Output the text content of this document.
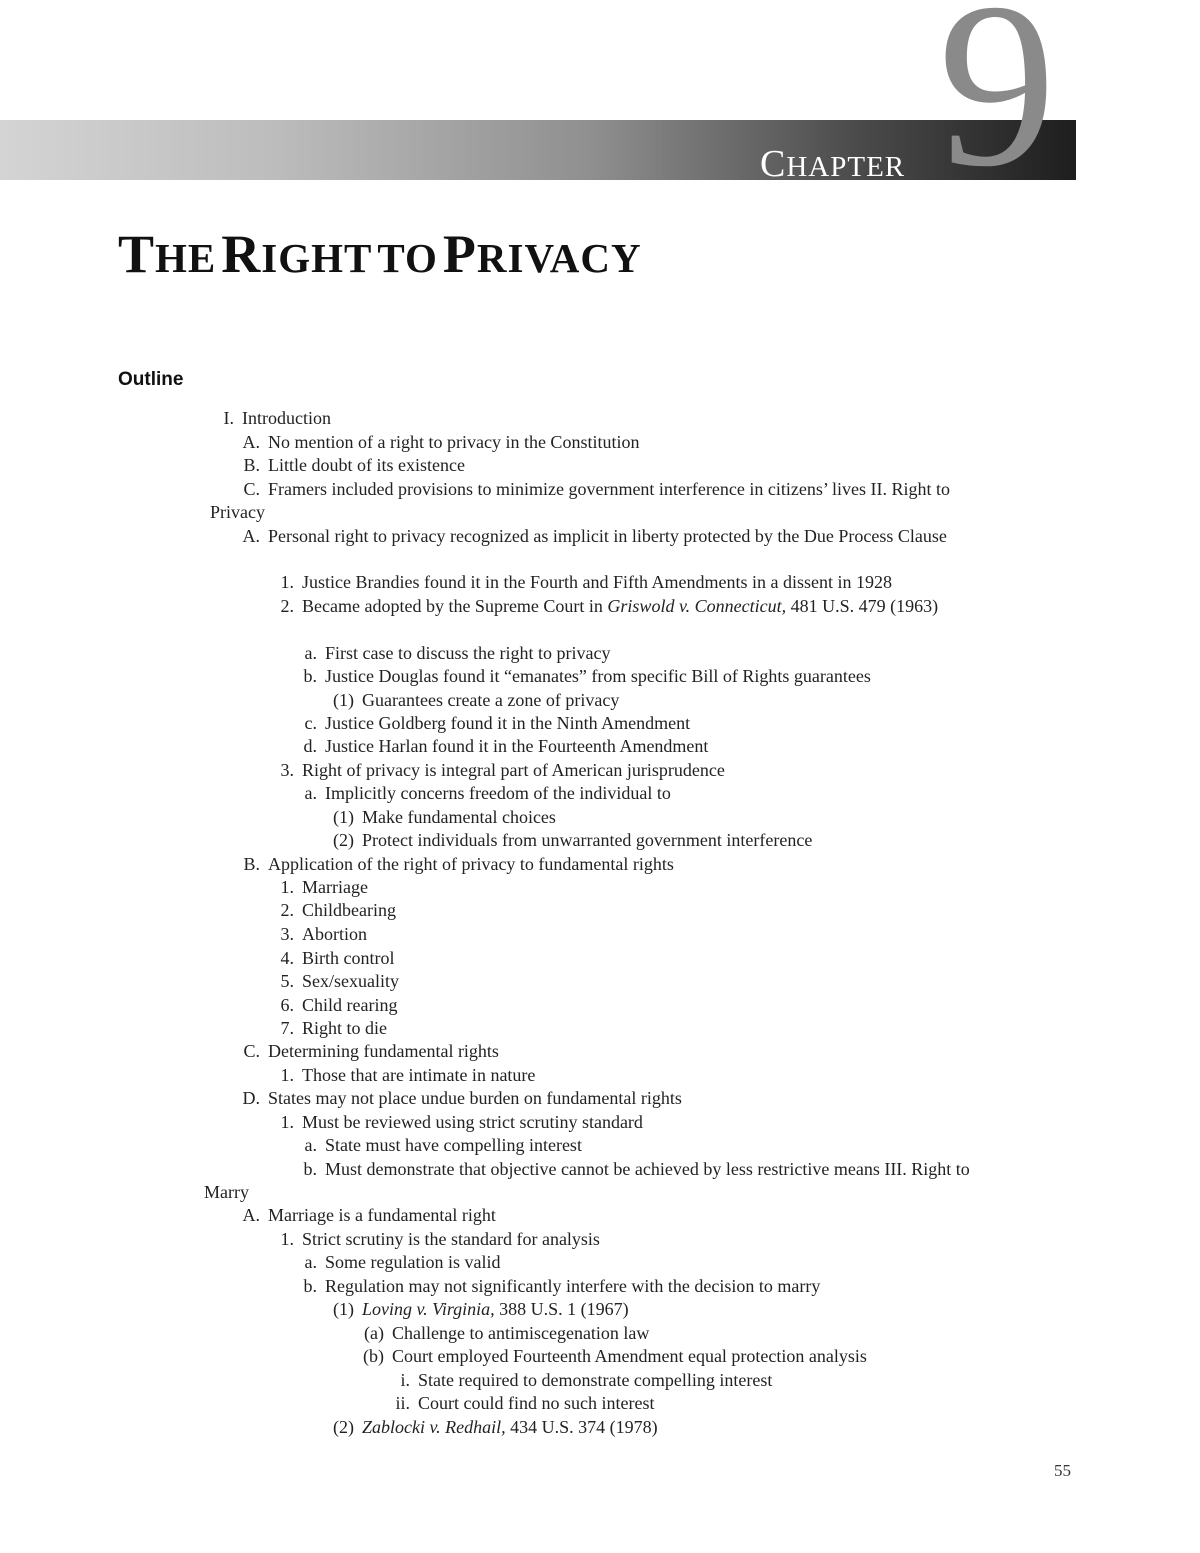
9
CHAPTER
THE RIGHT TO PRIVACY
Outline
I. Introduction
A. No mention of a right to privacy in the Constitution
B. Little doubt of its existence
C. Framers included provisions to minimize government interference in citizens’ lives II. Right to
Privacy
A. Personal right to privacy recognized as implicit in liberty protected by the Due Process Clause
1. Justice Brandies found it in the Fourth and Fifth Amendments in a dissent in 1928
2. Became adopted by the Supreme Court in Griswold v. Connecticut, 481 U.S. 479 (1963)
a. First case to discuss the right to privacy
b. Justice Douglas found it “emanates” from specific Bill of Rights guarantees
(1) Guarantees create a zone of privacy
c. Justice Goldberg found it in the Ninth Amendment
d. Justice Harlan found it in the Fourteenth Amendment
3. Right of privacy is integral part of American jurisprudence
a. Implicitly concerns freedom of the individual to
(1) Make fundamental choices
(2) Protect individuals from unwarranted government interference
B. Application of the right of privacy to fundamental rights
1. Marriage
2. Childbearing
3. Abortion
4. Birth control
5. Sex/sexuality
6. Child rearing
7. Right to die
C. Determining fundamental rights
1. Those that are intimate in nature
D. States may not place undue burden on fundamental rights
1. Must be reviewed using strict scrutiny standard
a. State must have compelling interest
b. Must demonstrate that objective cannot be achieved by less restrictive means III. Right to
Marry
A. Marriage is a fundamental right
1. Strict scrutiny is the standard for analysis
a. Some regulation is valid
b. Regulation may not significantly interfere with the decision to marry
(1) Loving v. Virginia, 388 U.S. 1 (1967)
(a) Challenge to antimiscegenation law
(b) Court employed Fourteenth Amendment equal protection analysis
i. State required to demonstrate compelling interest
ii. Court could find no such interest
(2) Zablocki v. Redhail, 434 U.S. 374 (1978)
55
